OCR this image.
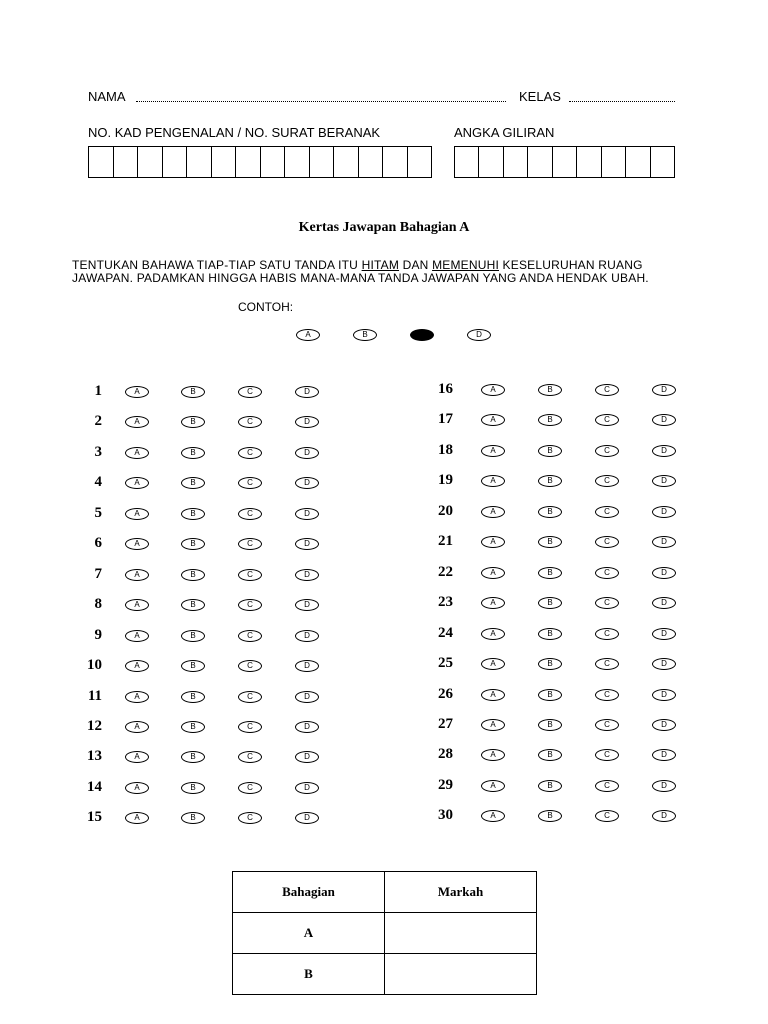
NAMA	KELAS
NO. KAD PENGENALAN / NO. SURAT BERANAK	ANGKA GILIRAN
Kertas Jawapan Bahagian A
TENTUKAN BAHAWA TIAP-TIAP SATU TANDA ITU HITAM DAN MEMENUHI KESELURUHAN RUANG
JAWAPAN. PADAMKAN HINGGA HABIS MANA-MANA TANDA JAWAPAN YANG ANDA HENDAK UBAH.
CONTOH:
A	B	C	D
1	A	B	C	D
2	A	B	C	D
3	A	B	C	D
4	A	B	C	D
5	A	B	C	D
6	A	B	C	D
7	A	B	C	D
8	A	B	C	D
9	A	B	C	D
10	A	B	C	D
11	A	B	C	D
12	A	B	C	D
13	A	B	C	D
14	A	B	C	D
15	A	B	C	D
16	A	B	C	D
17	A	B	C	D
18	A	B	C	D
19	A	B	C	D
20	A	B	C	D
21	A	B	C	D
22	A	B	C	D
23	A	B	C	D
24	A	B	C	D
25	A	B	C	D
26	A	B	C	D
27	A	B	C	D
28	A	B	C	D
29	A	B	C	D
30	A	B	C	D
Bahagian	Markah
A	
B	
